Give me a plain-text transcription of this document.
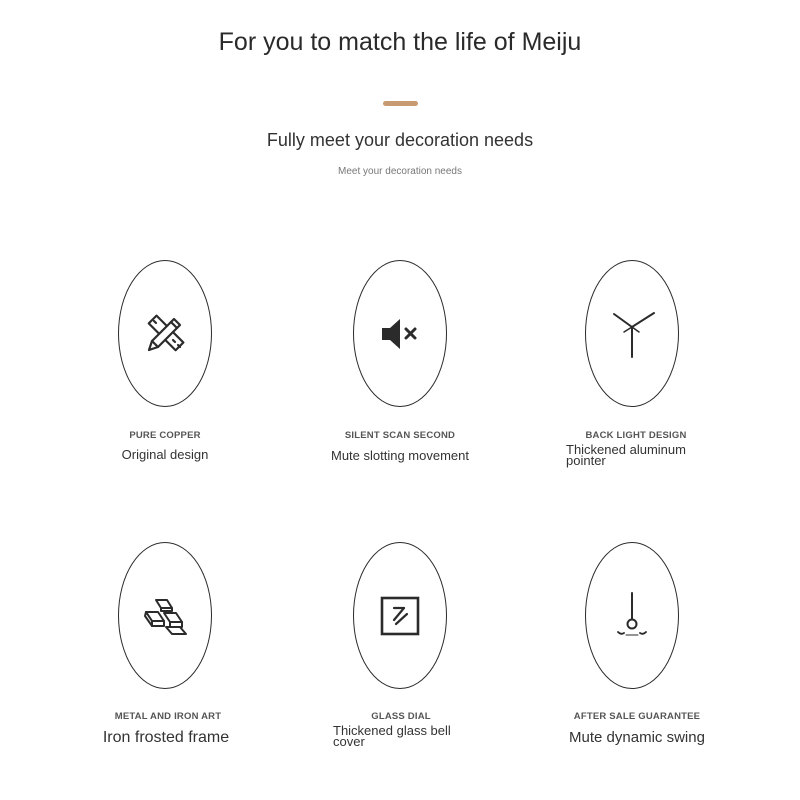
For you to match the life of Meiju
Fully meet your decoration needs
Meet your decoration needs
PURE COPPER
Original design
SILENT SCAN SECOND
Mute slotting movement
BACK LIGHT DESIGN
Thickened aluminum pointer
METAL AND IRON ART
Iron frosted frame
GLASS DIAL
Thickened glass bell cover
AFTER SALE GUARANTEE
Mute dynamic swing
